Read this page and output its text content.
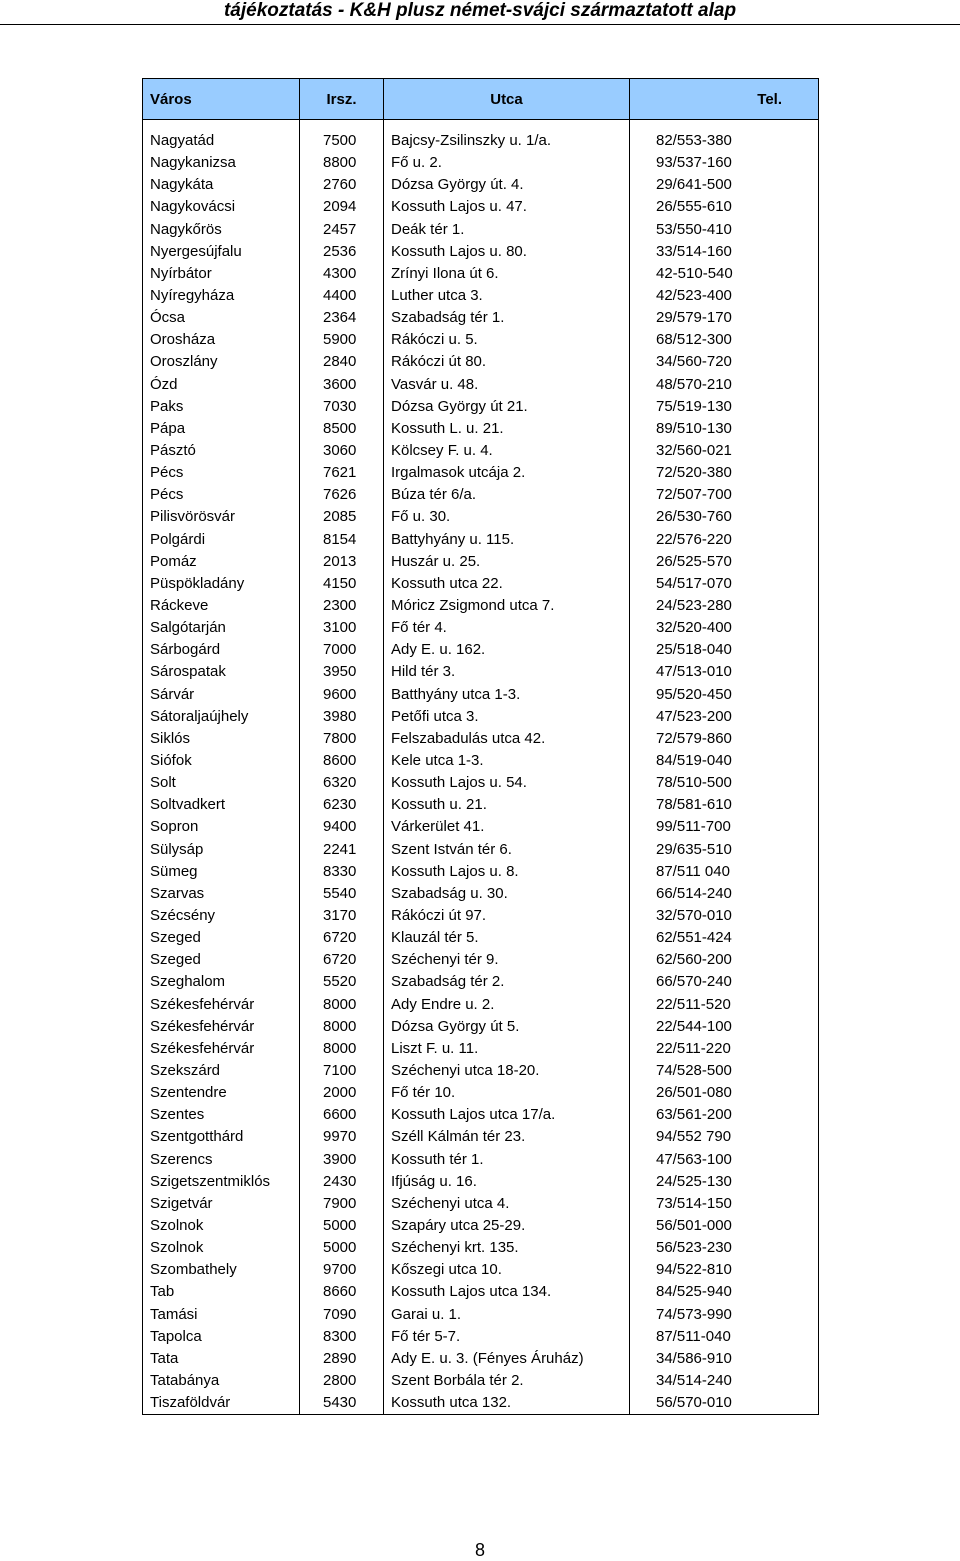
tájékoztatás - K&H plusz német-svájci származtatott alap
Város	Irsz.	Utca	Tel.

Nagyatád	7500	Bajcsy-Zsilinszky u. 1/a.	82/553-380
Nagykanizsa	8800	Fő u. 2.	93/537-160
Nagykáta	2760	Dózsa György út. 4.	29/641-500
Nagykovácsi	2094	Kossuth Lajos u. 47.	26/555-610
Nagykőrös	2457	Deák tér 1.	53/550-410
Nyergesújfalu	2536	Kossuth Lajos u. 80.	33/514-160
Nyírbátor	4300	Zrínyi Ilona út 6.	42-510-540
Nyíregyháza	4400	Luther utca 3.	42/523-400
Ócsa	2364	Szabadság tér 1.	29/579-170
Orosháza	5900	Rákóczi u. 5.	68/512-300
Oroszlány	2840	Rákóczi út 80.	34/560-720
Ózd	3600	Vasvár u. 48.	48/570-210
Paks	7030	Dózsa György út 21.	75/519-130
Pápa	8500	Kossuth L. u. 21.	89/510-130
Pásztó	3060	Kölcsey F. u. 4.	32/560-021
Pécs	7621	Irgalmasok utcája 2.	72/520-380
Pécs	7626	Búza tér 6/a.	72/507-700
Pilisvörösvár	2085	Fő u. 30.	26/530-760
Polgárdi	8154	Battyhyány u. 115.	22/576-220
Pomáz	2013	Huszár u. 25.	26/525-570
Püspökladány	4150	Kossuth utca 22.	54/517-070
Ráckeve	2300	Móricz Zsigmond utca 7.	24/523-280
Salgótarján	3100	Fő tér 4.	32/520-400
Sárbogárd	7000	Ady E. u. 162.	25/518-040
Sárospatak	3950	Hild tér 3.	47/513-010
Sárvár	9600	Batthyány utca 1-3.	95/520-450
Sátoraljaújhely	3980	Petőfi utca 3.	47/523-200
Siklós	7800	Felszabadulás utca 42.	72/579-860
Siófok	8600	Kele utca 1-3.	84/519-040
Solt	6320	Kossuth Lajos u. 54.	78/510-500
Soltvadkert	6230	Kossuth u. 21.	78/581-610
Sopron	9400	Várkerület 41.	99/511-700
Sülysáp	2241	Szent István tér 6.	29/635-510
Sümeg	8330	Kossuth Lajos u. 8.	87/511 040
Szarvas	5540	Szabadság u. 30.	66/514-240
Szécsény	3170	Rákóczi út 97.	32/570-010
Szeged	6720	Klauzál tér 5.	62/551-424
Szeged	6720	Széchenyi tér 9.	62/560-200
Szeghalom	5520	Szabadság tér 2.	66/570-240
Székesfehérvár	8000	Ady Endre u. 2.	22/511-520
Székesfehérvár	8000	Dózsa György út 5.	22/544-100
Székesfehérvár	8000	Liszt F. u. 11.	22/511-220
Szekszárd	7100	Széchenyi utca 18-20.	74/528-500
Szentendre	2000	Fő tér 10.	26/501-080
Szentes	6600	Kossuth Lajos utca 17/a.	63/561-200
Szentgotthárd	9970	Széll Kálmán tér 23.	94/552 790
Szerencs	3900	Kossuth tér 1.	47/563-100
Szigetszentmiklós	2430	Ifjúság u. 16.	24/525-130
Szigetvár	7900	Széchenyi utca 4.	73/514-150
Szolnok	5000	Szapáry utca 25-29.	56/501-000
Szolnok	5000	Széchenyi krt. 135.	56/523-230
Szombathely	9700	Kőszegi utca 10.	94/522-810
Tab	8660	Kossuth Lajos utca 134.	84/525-940
Tamási	7090	Garai u. 1.	74/573-990
Tapolca	8300	Fő tér 5-7.	87/511-040
Tata	2890	Ady E. u. 3. (Fényes Áruház)	34/586-910
Tatabánya	2800	Szent Borbála tér 2.	34/514-240
Tiszaföldvár	5430	Kossuth utca 132.	56/570-010
8
